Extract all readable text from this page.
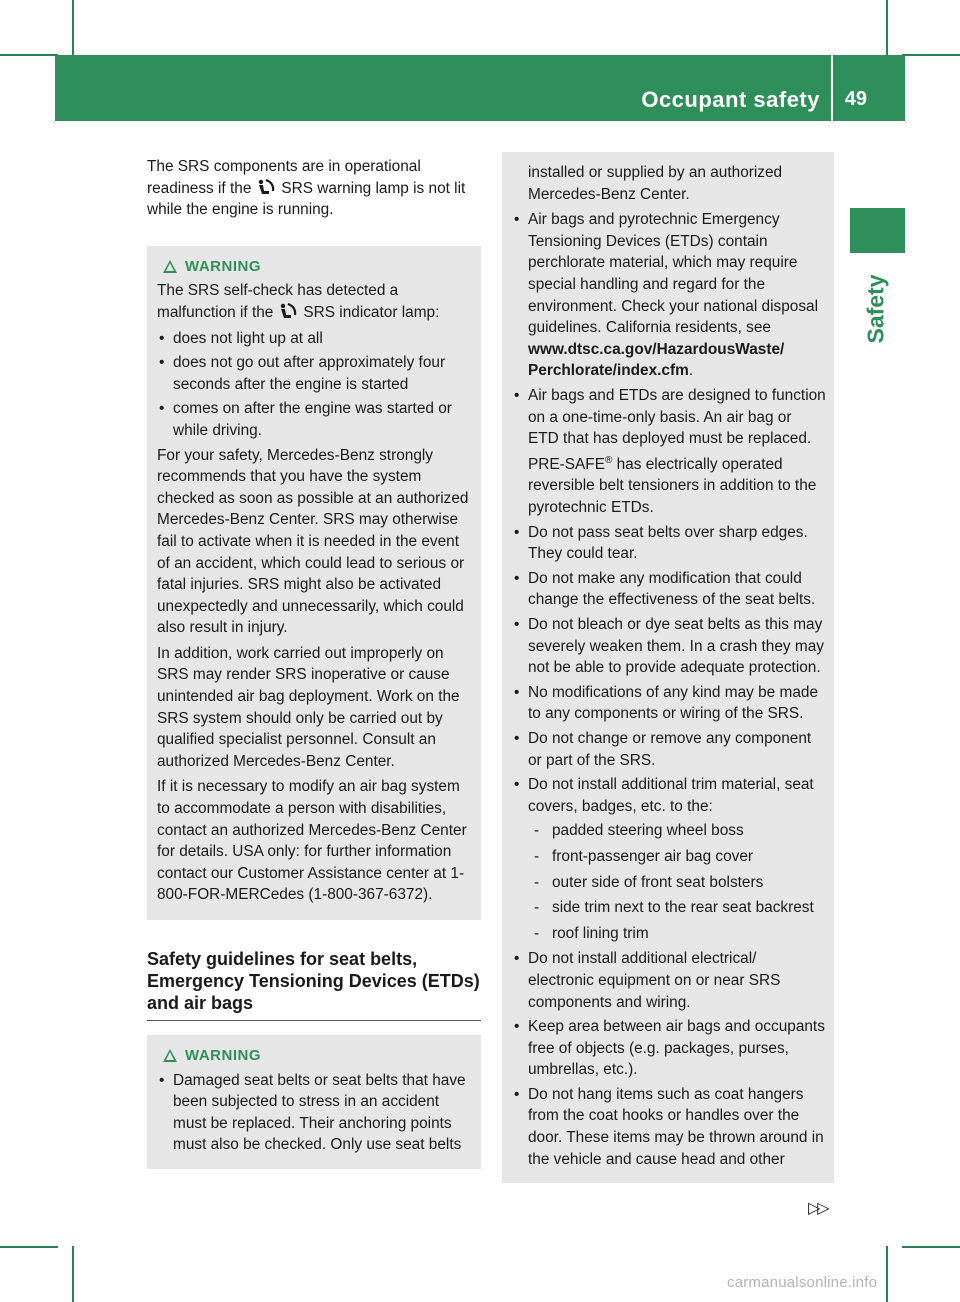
Occupant safety 49
Safety

The SRS components are in operational readiness if the SRS warning lamp is not lit while the engine is running.

WARNING
The SRS self-check has detected a malfunction if the SRS indicator lamp:
• does not light up at all
• does not go out after approximately four seconds after the engine is started
• comes on after the engine was started or while driving.
For your safety, Mercedes-Benz strongly recommends that you have the system checked as soon as possible at an authorized Mercedes-Benz Center. SRS may otherwise fail to activate when it is needed in the event of an accident, which could lead to serious or fatal injuries. SRS might also be activated unexpectedly and unnecessarily, which could also result in injury.
In addition, work carried out improperly on SRS may render SRS inoperative or cause unintended air bag deployment. Work on the SRS system should only be carried out by qualified specialist personnel. Consult an authorized Mercedes-Benz Center.
If it is necessary to modify an air bag system to accommodate a person with disabilities, contact an authorized Mercedes-Benz Center for details. USA only: for further information contact our Customer Assistance center at 1-800-FOR-MERCedes (1-800-367-6372).
Safety guidelines for seat belts, Emergency Tensioning Devices (ETDs) and air bags
WARNING
• Damaged seat belts or seat belts that have been subjected to stress in an accident must be replaced. Their anchoring points must also be checked. Only use seat belts
installed or supplied by an authorized Mercedes-Benz Center.
• Air bags and pyrotechnic Emergency Tensioning Devices (ETDs) contain perchlorate material, which may require special handling and regard for the environment. Check your national disposal guidelines. California residents, see www.dtsc.ca.gov/HazardousWaste/ Perchlorate/index.cfm.
• Air bags and ETDs are designed to function on a one-time-only basis. An air bag or ETD that has deployed must be replaced. PRE-SAFE® has electrically operated reversible belt tensioners in addition to the pyrotechnic ETDs.
• Do not pass seat belts over sharp edges. They could tear.
• Do not make any modification that could change the effectiveness of the seat belts.
• Do not bleach or dye seat belts as this may severely weaken them. In a crash they may not be able to provide adequate protection.
• No modifications of any kind may be made to any components or wiring of the SRS.
• Do not change or remove any component or part of the SRS.
• Do not install additional trim material, seat covers, badges, etc. to the:
- padded steering wheel boss
- front-passenger air bag cover
- outer side of front seat bolsters
- side trim next to the rear seat backrest
- roof lining trim
• Do not install additional electrical/ electronic equipment on or near SRS components and wiring.
• Keep area between air bags and occupants free of objects (e.g. packages, purses, umbrellas, etc.).
• Do not hang items such as coat hangers from the coat hooks or handles over the door. These items may be thrown around in the vehicle and cause head and other
▷▷
carmanualsonline.info
